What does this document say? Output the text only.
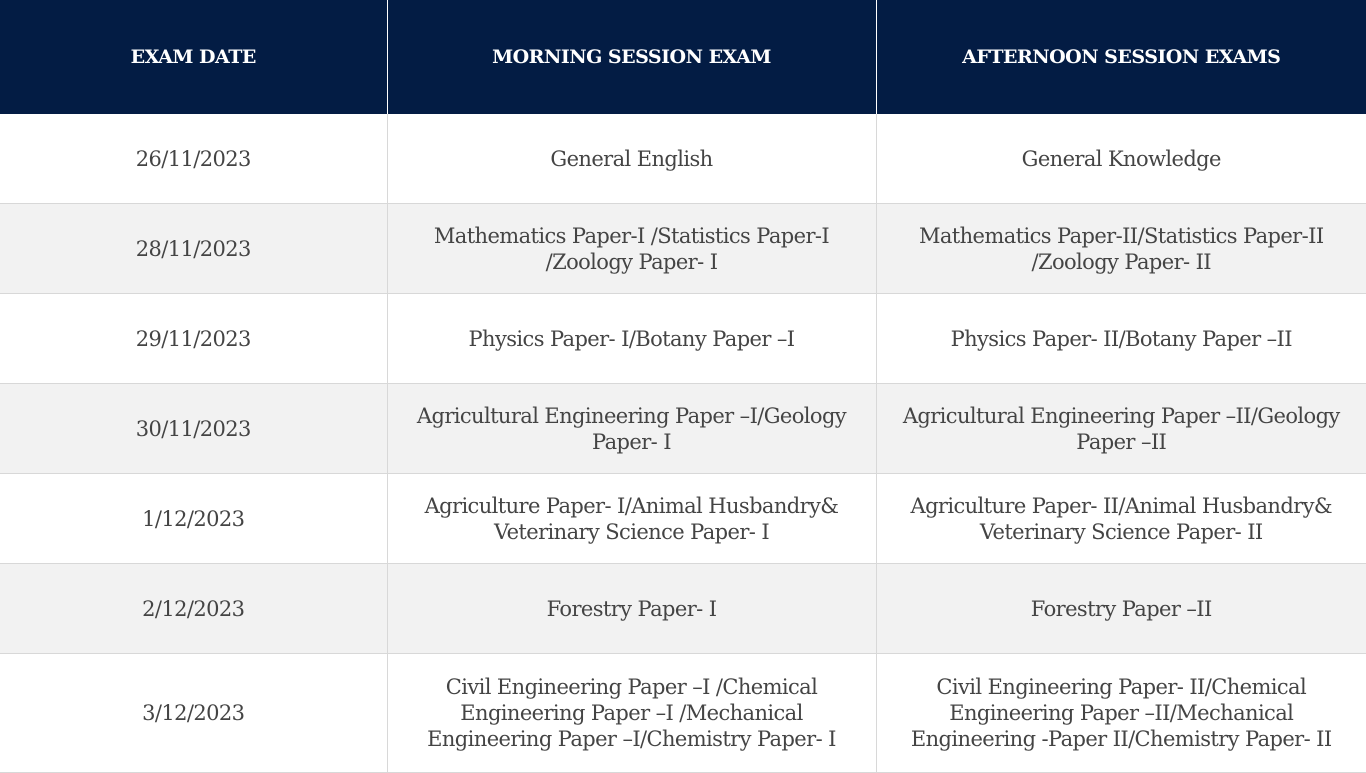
EXAM DATE	MORNING SESSION EXAM	AFTERNOON SESSION EXAMS
26/11/2023	General English	General Knowledge
28/11/2023	Mathematics Paper-I /Statistics Paper-I /Zoology Paper- I	Mathematics Paper-II/Statistics Paper-II /Zoology Paper- II
29/11/2023	Physics Paper- I/Botany Paper –I	Physics Paper- II/Botany Paper –II
30/11/2023	Agricultural Engineering Paper –I/Geology Paper- I	Agricultural Engineering Paper –II/Geology Paper –II
1/12/2023	Agriculture Paper- I/Animal Husbandry& Veterinary Science Paper- I	Agriculture Paper- II/Animal Husbandry& Veterinary Science Paper- II
2/12/2023	Forestry Paper- I	Forestry Paper –II
3/12/2023	Civil Engineering Paper –I /Chemical Engineering Paper –I /Mechanical Engineering Paper –I/Chemistry Paper- I	Civil Engineering Paper- II/Chemical Engineering Paper –II/Mechanical Engineering -Paper II/Chemistry Paper- II
